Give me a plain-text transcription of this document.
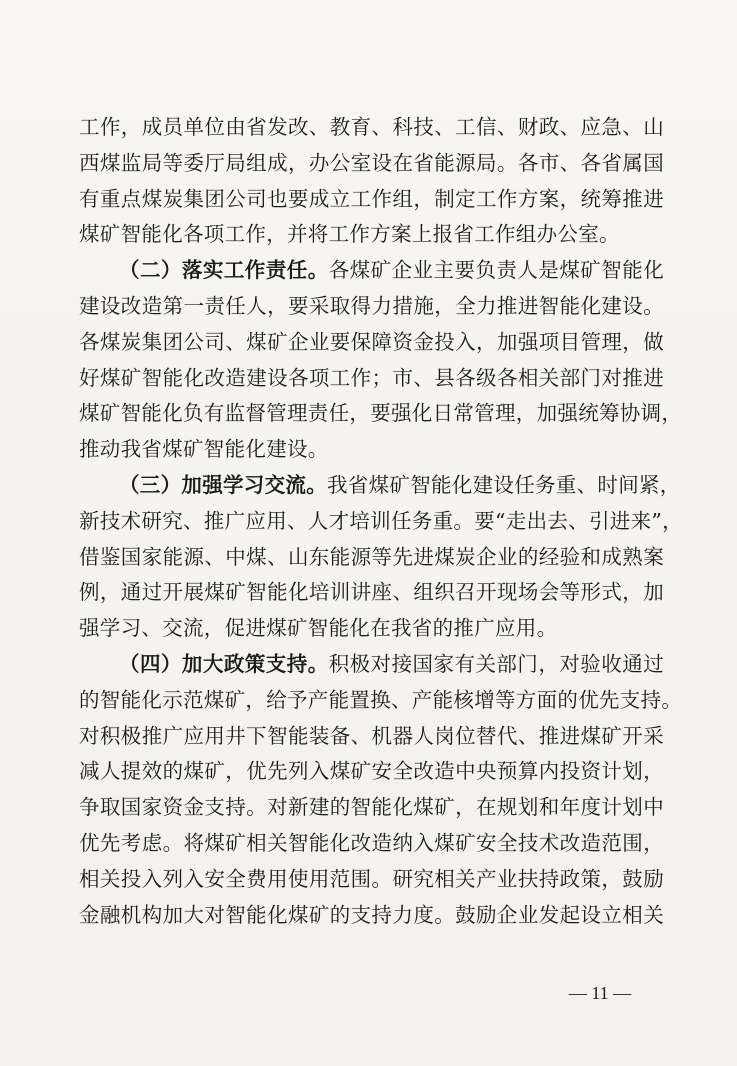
工作，成员单位由省发改、教育、科技、工信、财政、应急、山
西煤监局等委厅局组成，办公室设在省能源局。各市、各省属国
有重点煤炭集团公司也要成立工作组，制定工作方案，统筹推进
煤矿智能化各项工作，并将工作方案上报省工作组办公室。
（二）落实工作责任。各煤矿企业主要负责人是煤矿智能化
建设改造第一责任人，要采取得力措施，全力推进智能化建设。
各煤炭集团公司、煤矿企业要保障资金投入，加强项目管理，做
好煤矿智能化改造建设各项工作；市、县各级各相关部门对推进
煤矿智能化负有监督管理责任，要强化日常管理，加强统筹协调，
推动我省煤矿智能化建设。
（三）加强学习交流。我省煤矿智能化建设任务重、时间紧，
新技术研究、推广应用、人才培训任务重。要“走出去、引进来”，
借鉴国家能源、中煤、山东能源等先进煤炭企业的经验和成熟案
例，通过开展煤矿智能化培训讲座、组织召开现场会等形式，加
强学习、交流，促进煤矿智能化在我省的推广应用。
（四）加大政策支持。积极对接国家有关部门，对验收通过
的智能化示范煤矿，给予产能置换、产能核增等方面的优先支持。
对积极推广应用井下智能装备、机器人岗位替代、推进煤矿开采
减人提效的煤矿，优先列入煤矿安全改造中央预算内投资计划，
争取国家资金支持。对新建的智能化煤矿，在规划和年度计划中
优先考虑。将煤矿相关智能化改造纳入煤矿安全技术改造范围，
相关投入列入安全费用使用范围。研究相关产业扶持政策，鼓励
金融机构加大对智能化煤矿的支持力度。鼓励企业发起设立相关
— 11 —
